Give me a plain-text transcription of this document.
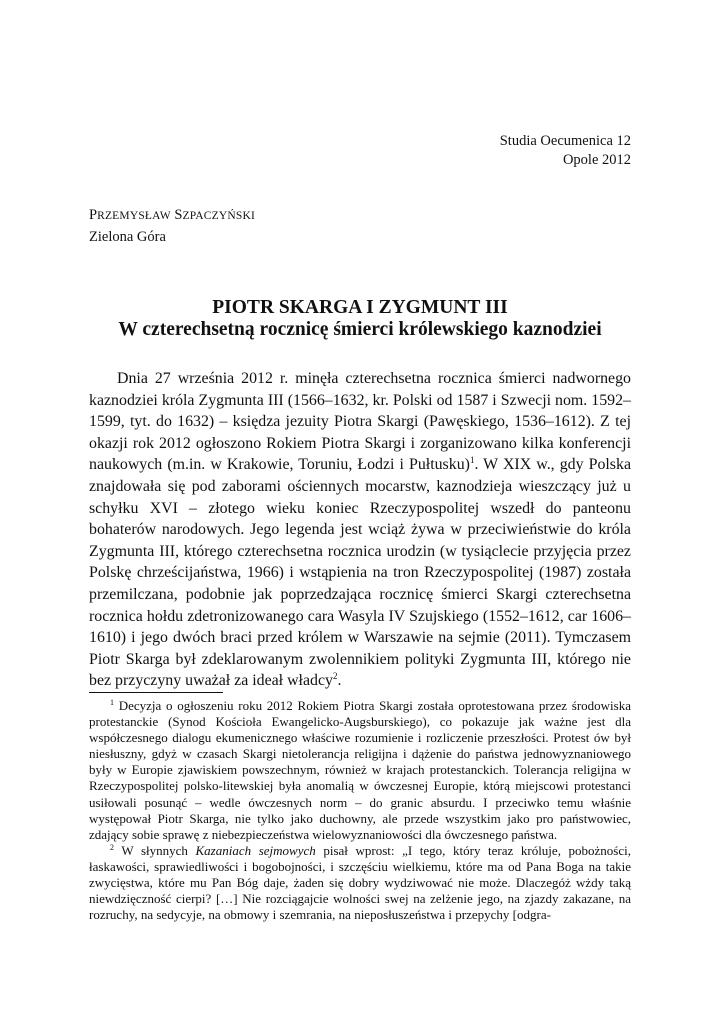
Studia Oecumenica 12
Opole 2012
PRZEMYSŁAW SZPACZYŃSKI
Zielona Góra

PIOTR SKARGA I ZYGMUNT III

W czterechsetną rocznicę śmierci królewskiego kaznodziei

Dnia 27 września 2012 r. minęła czterechsetna rocznica śmierci nadwornego kaznodziei króla Zygmunta III (1566–1632, kr. Polski od 1587 i Szwecji nom. 1592–1599, tyt. do 1632) – księdza jezuity Piotra Skargi (Pawęskiego, 1536–1612). Z tej okazji rok 2012 ogłoszono Rokiem Piotra Skargi i zorganizowano kilka konferencji naukowych (m.in. w Krakowie, Toruniu, Łodzi i Pułtusku)$^1$. W XIX w., gdy Polska znajdowała się pod zaborami ościennych mocarstw, kaznodzieja wieszczący już u schyłku XVI – złotego wieku koniec Rzeczypospolitej wszedł do panteonu bohaterów narodowych. Jego legenda jest wciąż żywa w przeciwieństwie do króla Zygmunta III, którego czterechsetna rocznica urodzin (w tysiąclecie przyjęcia przez Polskę chrześcijaństwa, 1966) i wstąpienia na tron Rzeczypospolitej (1987) została przemilczana, podobnie jak poprzedzająca rocznicę śmierci Skargi czterechsetna rocznica hołdu zdetronizowanego cara Wasyla IV Szujskiego (1552–1612, car 1606–1610) i jego dwóch braci przed królem w Warszawie na sejmie (2011). Tymczasem Piotr Skarga był zdeklarowanym zwolennikiem polityki Zygmunta III, którego nie bez przyczyny uważał za ideał władcy$^2$.

$^1$ Decyzja o ogłoszeniu roku 2012 Rokiem Piotra Skargi została oprotestowana przez środowiska protestanckie (Synod Kościoła Ewangelicko-Augsburskiego), co pokazuje jak ważne jest dla współczesnego dialogu ekumenicznego właściwe rozumienie i rozliczenie przeszłości. Protest ów był niesłuszny, gdyż w czasach Skargi nietolerancja religijna i dążenie do państwa jednowyznaniowego były w Europie zjawiskiem powszechnym, również w krajach protestanckich. Tolerancja religijna w Rzeczypospolitej polsko-litewskiej była anomalią w ówczesnej Europie, którą miejscowi protestanci usiłowali posunąć – wedle ówczesnych norm – do granic absurdu. I przeciwko temu właśnie występował Piotr Skarga, nie tylko jako duchowny, ale przede wszystkim jako pro państwowiec, zdający sobie sprawę z niebezpieczeństwa wielowyznaniowości dla ówczesnego państwa.

$^2$ W słynnych Kazaniach sejmowych pisał wprost: „I tego, który teraz króluje, pobożności, łaskawości, sprawiedliwości i bogobojności, i szczęściu wielkiemu, które ma od Pana Boga na takie zwycięstwa, które mu Pan Bóg daje, żaden się dobry wydziwować nie może. Dlaczegóż wżdy taką niewdzięczność cierpi? […] Nie rozciągajcie wolności swej na zelżenie jego, na zjazdy zakazane, na rozruchy, na sedycyje, na obmowy i szemrania, na nieposłuszeństwa i przepychy [odgra-
